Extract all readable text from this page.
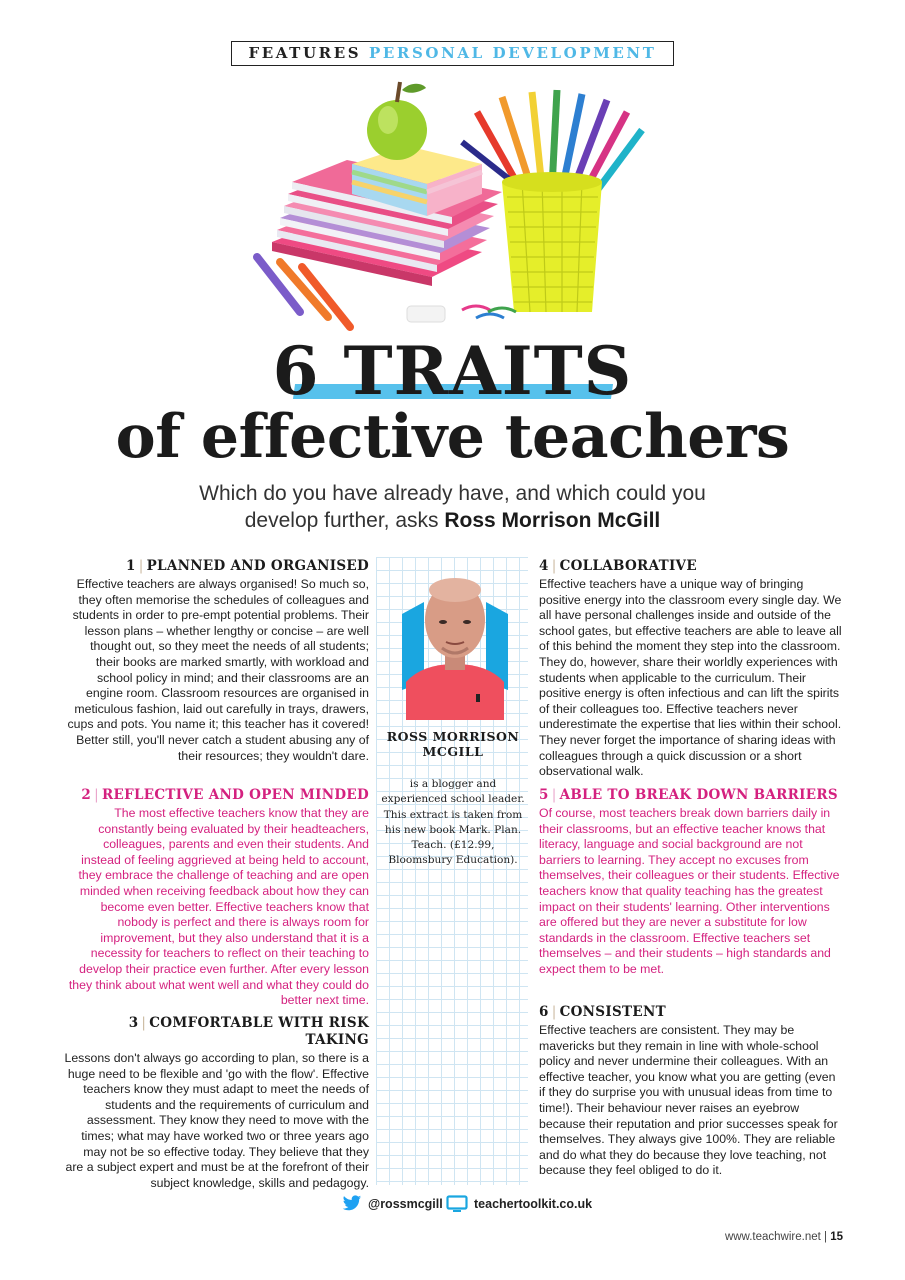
FEATURES PERSONAL DEVELOPMENT
6 TRAITS
of effective teachers
Which do you have already have, and which could you
develop further, asks Ross Morrison McGill
1 | PLANNED AND ORGANISED

Effective teachers are always organised! So much so, they often memorise the schedules of colleagues and students in order to pre-empt potential problems. Their lesson plans – whether lengthy or concise – are well thought out, so they meet the needs of all students; their books are marked smartly, with workload and school policy in mind; and their classrooms are an engine room. Classroom resources are organised in meticulous fashion, laid out carefully in trays, drawers, cups and pots. You name it; this teacher has it covered! Better still, you'll never catch a student abusing any of their resources; they wouldn't dare.

2 | REFLECTIVE AND OPEN MINDED

The most effective teachers know that they are constantly being evaluated by their headteachers, colleagues, parents and even their students. And instead of feeling aggrieved at being held to account, they embrace the challenge of teaching and are open minded when receiving feedback about how they can become even better. Effective teachers know that nobody is perfect and there is always room for improvement, but they also understand that it is a necessity for teachers to reflect on their teaching to develop their practice even further. After every lesson they think about what went well and what they could do better next time.

3 | COMFORTABLE WITH RISK TAKING

Lessons don't always go according to plan, so there is a huge need to be flexible and 'go with the flow'. Effective teachers know they must adapt to meet the needs of students and the requirements of curriculum and assessment. They know they need to move with the times; what may have worked two or three years ago may not be so effective today. They believe that they are a subject expert and must be at the forefront of their subject knowledge, skills and pedagogy.

ROSS MORRISON MCGILL
is a blogger and experienced school leader. This extract is taken from his new book Mark. Plan. Teach. (£12.99, Bloomsbury Education).
4 | COLLABORATIVE

Effective teachers have a unique way of bringing positive energy into the classroom every single day. We all have personal challenges inside and outside of the school gates, but effective teachers are able to leave all of this behind the moment they step into the classroom. They do, however, share their worldly experiences with students when applicable to the curriculum. Their positive energy is often infectious and can lift the spirits of their colleagues too. Effective teachers never underestimate the expertise that lies within their school. They never forget the importance of sharing ideas with colleagues through a quick discussion or a short observational walk.

5 | ABLE TO BREAK DOWN BARRIERS

Of course, most teachers break down barriers daily in their classrooms, but an effective teacher knows that literacy, language and social background are not barriers to learning. They accept no excuses from themselves, their colleagues or their students. Effective teachers know that quality teaching has the greatest impact on their students' learning. Other interventions are offered but they are never a substitute for low standards in the classroom. Effective teachers set themselves – and their students – high standards and expect them to be met.

6 | CONSISTENT

Effective teachers are consistent. They may be mavericks but they remain in line with whole-school policy and never undermine their colleagues. With an effective teacher, you know what you are getting (even if they do surprise you with unusual ideas from time to time!). Their behaviour never raises an eyebrow because their reputation and prior successes speak for themselves. They always give 100%. They are reliable and do what they do because they love teaching, not because they feel obliged to do it.

@rossmcgill	teachertoolkit.co.uk
www.teachwire.net | 15
